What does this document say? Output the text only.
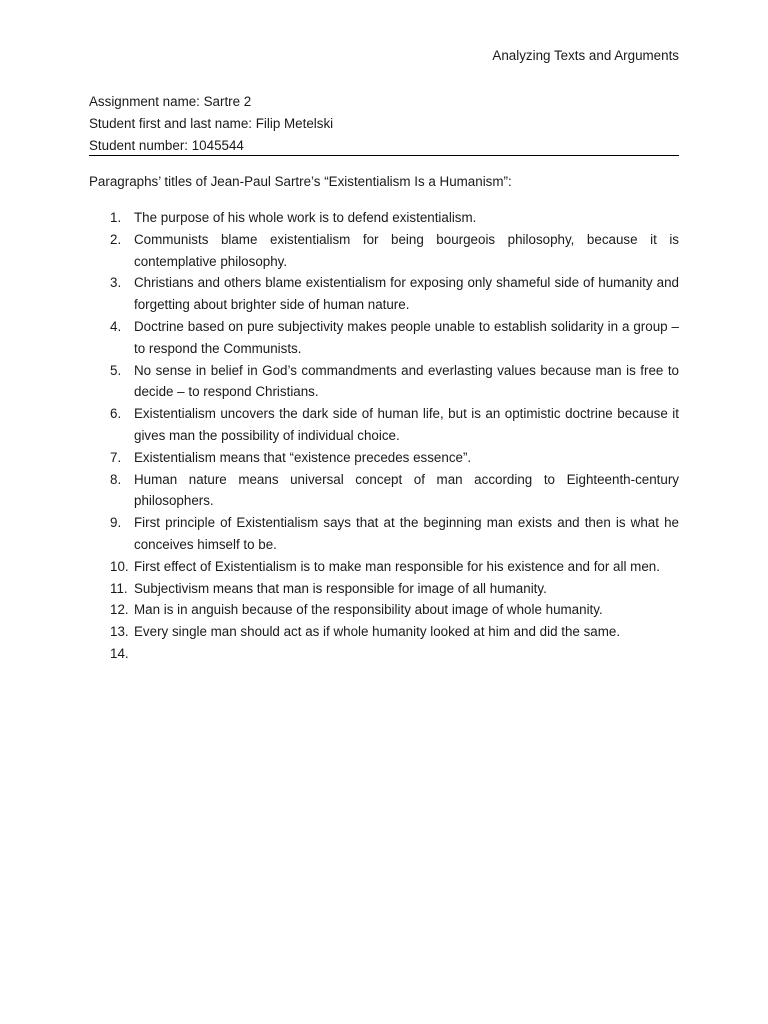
Analyzing Texts and Arguments
Assignment name: Sartre 2
Student first and last name: Filip Metelski
Student number: 1045544
Paragraphs’ titles of Jean-Paul Sartre’s “Existentialism Is a Humanism”:
1. The purpose of his whole work is to defend existentialism.
2. Communists blame existentialism for being bourgeois philosophy, because it is contemplative philosophy.
3. Christians and others blame existentialism for exposing only shameful side of humanity and forgetting about brighter side of human nature.
4. Doctrine based on pure subjectivity makes people unable to establish solidarity in a group – to respond the Communists.
5. No sense in belief in God’s commandments and everlasting values because man is free to decide – to respond Christians.
6. Existentialism uncovers the dark side of human life, but is an optimistic doctrine because it gives man the possibility of individual choice.
7. Existentialism means that “existence precedes essence”.
8. Human nature means universal concept of man according to Eighteenth-century philosophers.
9. First principle of Existentialism says that at the beginning man exists and then is what he conceives himself to be.
10. First effect of Existentialism is to make man responsible for his existence and for all men.
11. Subjectivism means that man is responsible for image of all humanity.
12. Man is in anguish because of the responsibility about image of whole humanity.
13. Every single man should act as if whole humanity looked at him and did the same.
14.
